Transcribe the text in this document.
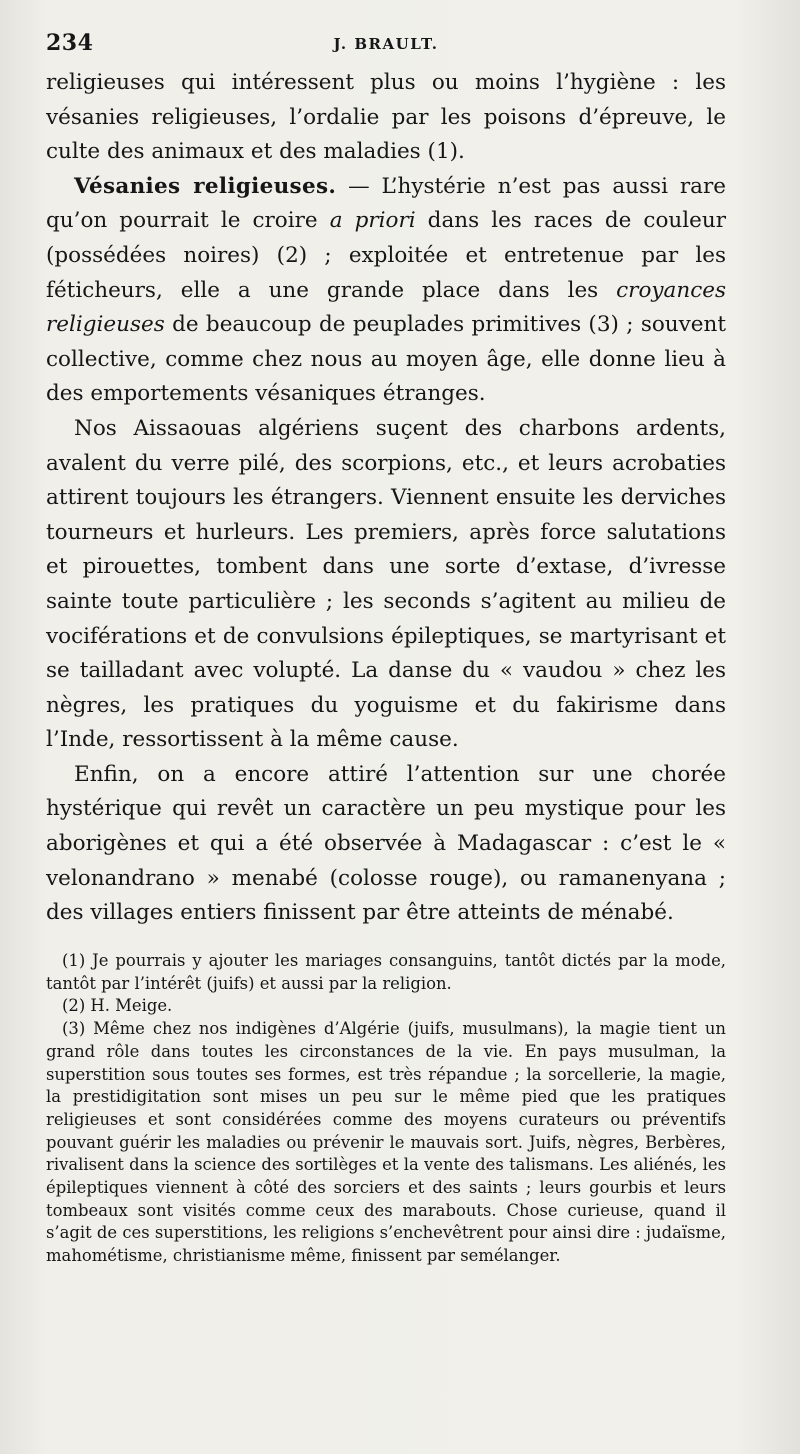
234	J. BRAULT.

religieuses qui intéressent plus ou moins l’hygiène : les vésanies religieuses, l’ordalie par les poisons d’épreuve, le culte des animaux et des maladies (1).

Vésanies religieuses. — L’hystérie n’est pas aussi rare qu’on pourrait le croire a priori dans les races de couleur (possédées noires) (2) ; exploitée et entretenue par les féticheurs, elle a une grande place dans les croyances religieuses de beaucoup de peuplades primitives (3) ; souvent collective, comme chez nous au moyen âge, elle donne lieu à des emportements vésaniques étranges.

Nos Aissaouas algériens suçent des charbons ardents, avalent du verre pilé, des scorpions, etc., et leurs acrobaties attirent toujours les étrangers. Viennent ensuite les derviches tourneurs et hurleurs. Les premiers, après force salutations et pirouettes, tombent dans une sorte d’extase, d’ivresse sainte toute particulière ; les seconds s’agitent au milieu de vociférations et de convulsions épileptiques, se martyrisant et se tailladant avec volupté. La danse du « vaudou » chez les nègres, les pratiques du yoguisme et du fakirisme dans l’Inde, ressortissent à la même cause.

Enfin, on a encore attiré l’attention sur une chorée hystérique qui revêt un caractère un peu mystique pour les aborigènes et qui a été observée à Madagascar : c’est le « velonandrano » menabé (colosse rouge), ou ramanenyana ; des villages entiers finissent par être atteints de ménabé.

(1) Je pourrais y ajouter les mariages consanguins, tantôt dictés par la mode, tantôt par l’intérêt (juifs) et aussi par la religion.

(2) H. Meige.

(3) Même chez nos indigènes d’Algérie (juifs, musulmans), la magie tient un grand rôle dans toutes les circonstances de la vie. En pays musulman, la superstition sous toutes ses formes, est très répandue ; la sorcellerie, la magie, la prestidigitation sont mises un peu sur le même pied que les pratiques religieuses et sont considérées comme des moyens curateurs ou préventifs pouvant guérir les maladies ou prévenir le mauvais sort. Juifs, nègres, Berbères, rivalisent dans la science des sortilèges et la vente des talismans. Les aliénés, les épileptiques viennent à côté des sorciers et des saints ; leurs gourbis et leurs tombeaux sont visités comme ceux des marabouts. Chose curieuse, quand il s’agit de ces superstitions, les religions s’enchevêtrent pour ainsi dire : judaïsme, mahométisme, christianisme même, finissent par semélanger.
